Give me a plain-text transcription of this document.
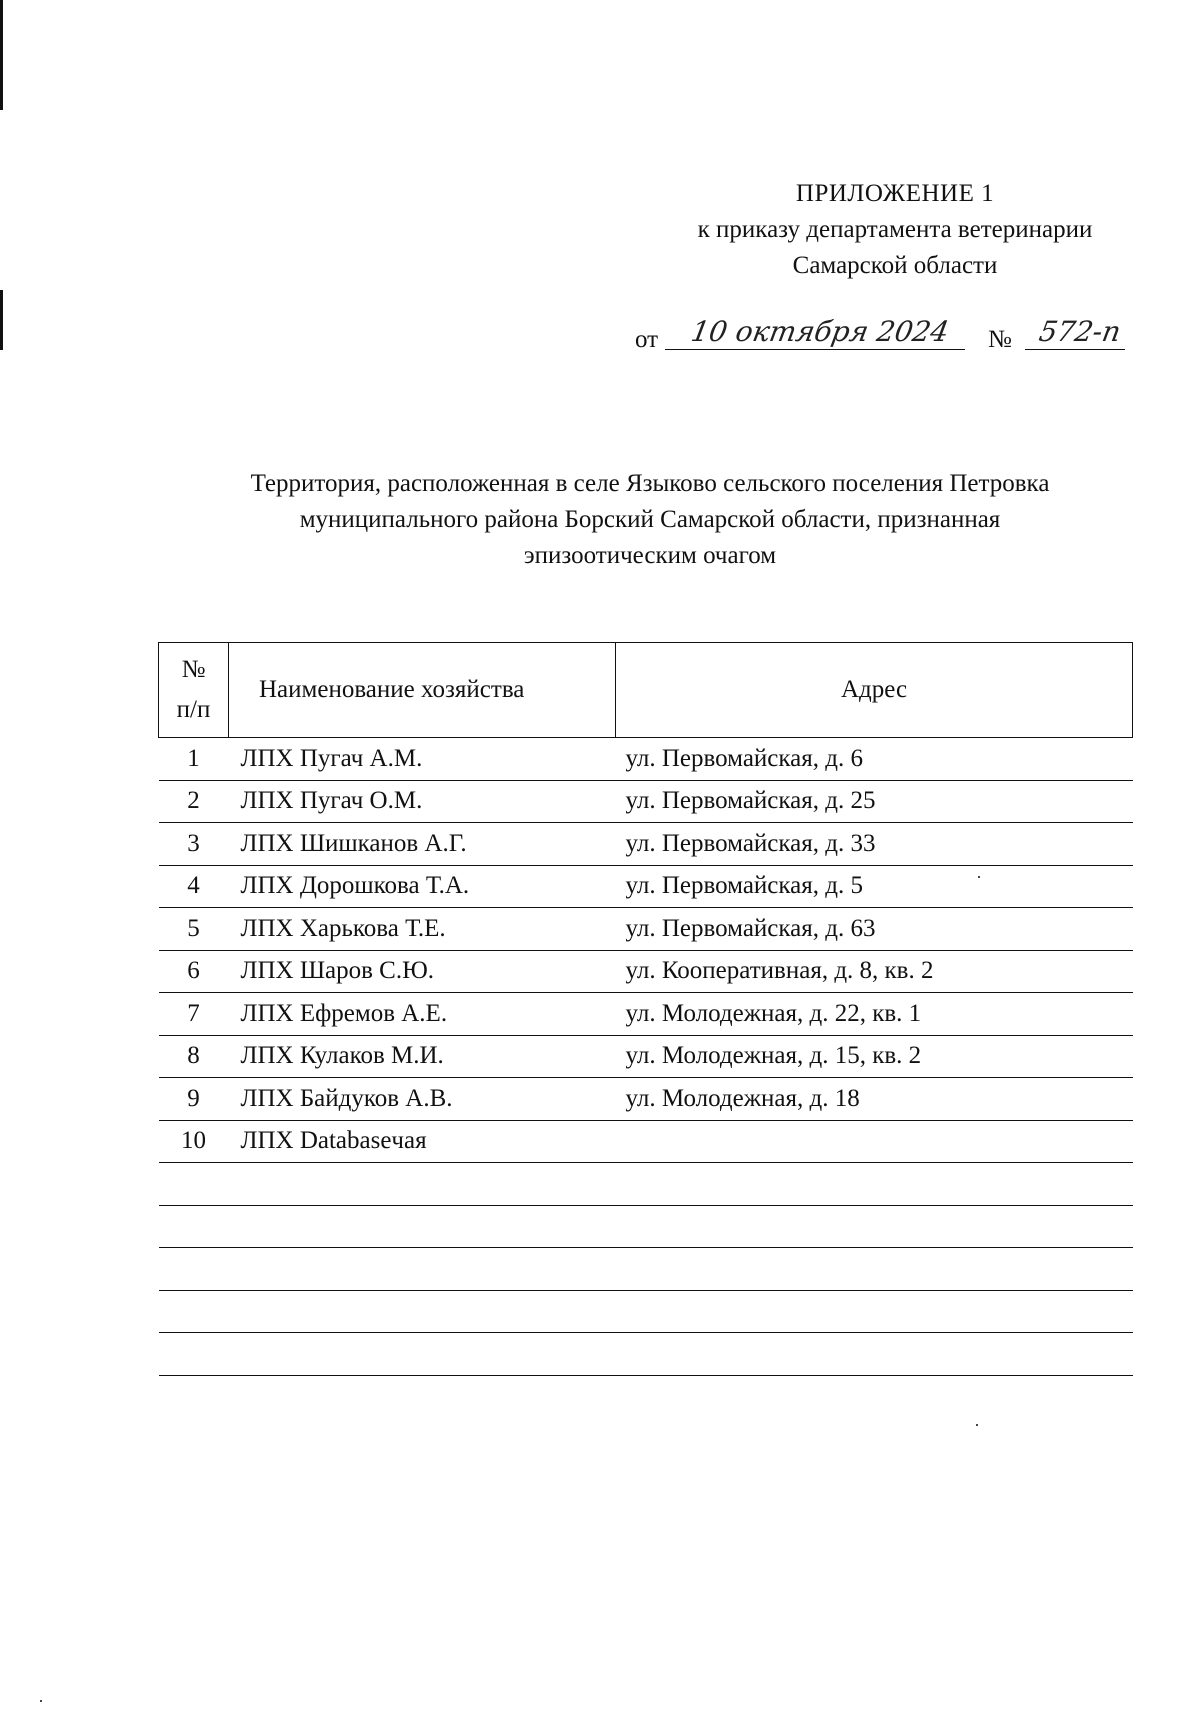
ПРИЛОЖЕНИЕ 1
к приказу департамента ветеринарии
Самарской области
от	10 октября 2024	№ 572-п
Территория, расположенная в селе Языково сельского поселения Петровка
муниципального района Борский Самарской области, признанная
эпизоотическим очагом
№
п/п	Наименование хозяйства	Адрес
1	ЛПХ Пугач А.М.	ул. Первомайская, д. 6
2	ЛПХ Пугач О.М.	ул. Первомайская, д. 25
3	ЛПХ Шишканов А.Г.	ул. Первомайская, д. 33
4	ЛПХ Дорошкова Т.А.	ул. Первомайская, д. 5
5	ЛПХ Харькова Т.Е.	ул. Первомайская, д. 63
6	ЛПХ Шаров С.Ю.	ул. Кооперативная, д. 8, кв. 2
7	ЛПХ Ефремов А.Е.	ул. Молодежная, д. 22, кв. 1
8	ЛПХ Кулаков М.И.	ул. Молодежная, д. 15, кв. 2
9	ЛПХ Байдуков А.В.	ул. Молодежная, д. 18
10	ЛПХ Databaseчая	
